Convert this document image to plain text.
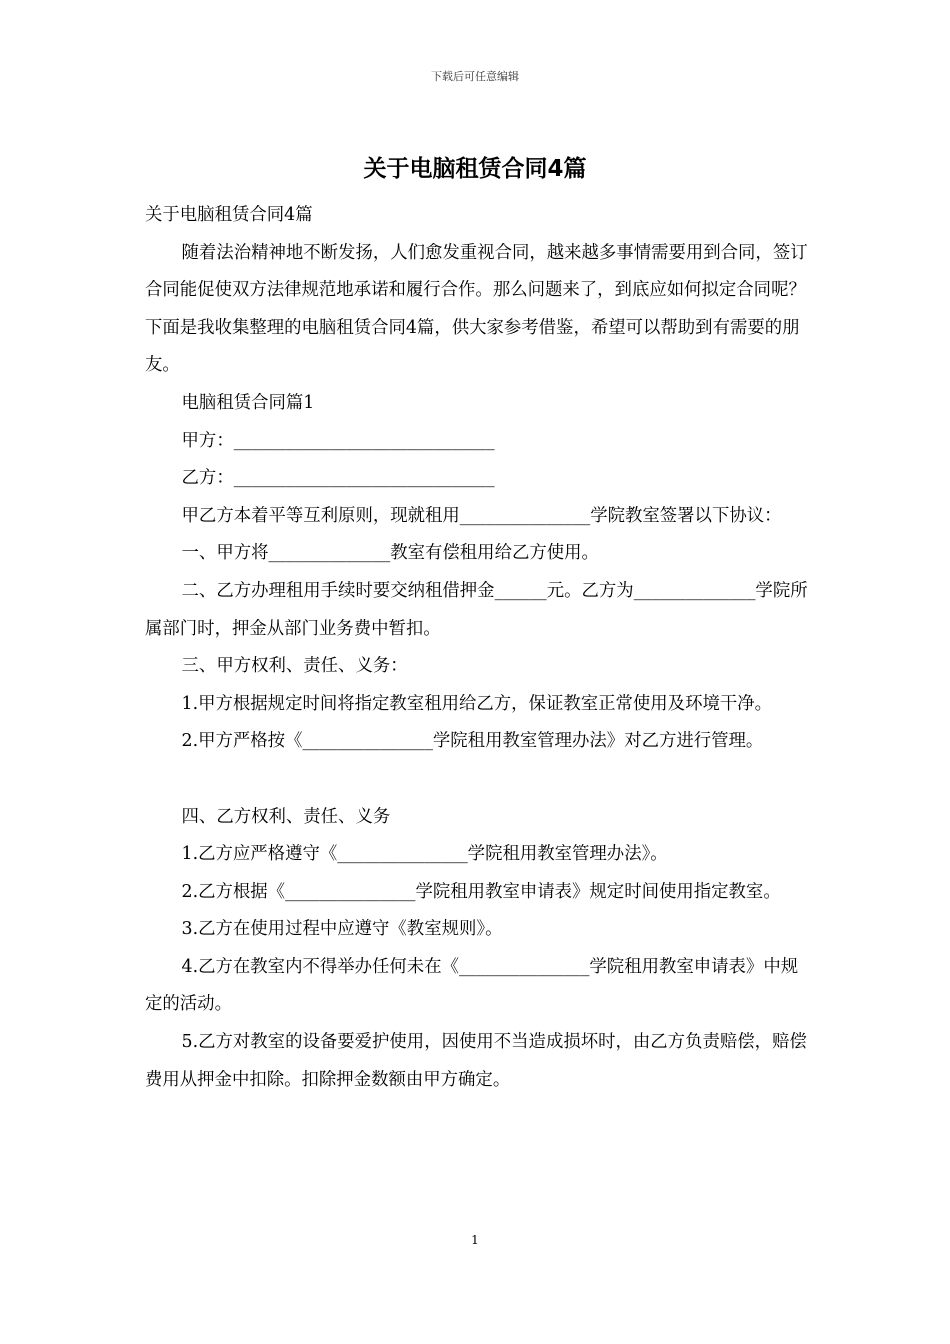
下载后可任意编辑
关于电脑租赁合同4篇

关于电脑租赁合同4篇

随着法治精神地不断发扬，人们愈发重视合同，越来越多事情需要用到合同，签订合同能促使双方法律规范地承诺和履行合作。那么问题来了，到底应如何拟定合同呢？下面是我收集整理的电脑租赁合同4篇，供大家参考借鉴，希望可以帮助到有需要的朋友。

电脑租赁合同篇1

甲方：______________________________

乙方：______________________________

甲乙方本着平等互利原则，现就租用_______________学院教室签署以下协议：

一、甲方将______________教室有偿租用给乙方使用。

二、乙方办理租用手续时要交纳租借押金______元。乙方为______________学院所属部门时，押金从部门业务费中暂扣。

三、甲方权利、责任、义务：

1.甲方根据规定时间将指定教室租用给乙方，保证教室正常使用及环境干净。

2.甲方严格按《_______________学院租用教室管理办法》对乙方进行管理。

四、乙方权利、责任、义务

1.乙方应严格遵守《_______________学院租用教室管理办法》。

2.乙方根据《_______________学院租用教室申请表》规定时间使用指定教室。

3.乙方在使用过程中应遵守《教室规则》。

4.乙方在教室内不得举办任何未在《_______________学院租用教室申请表》中规定的活动。

5.乙方对教室的设备要爱护使用，因使用不当造成损坏时，由乙方负责赔偿，赔偿费用从押金中扣除。扣除押金数额由甲方确定。

1
